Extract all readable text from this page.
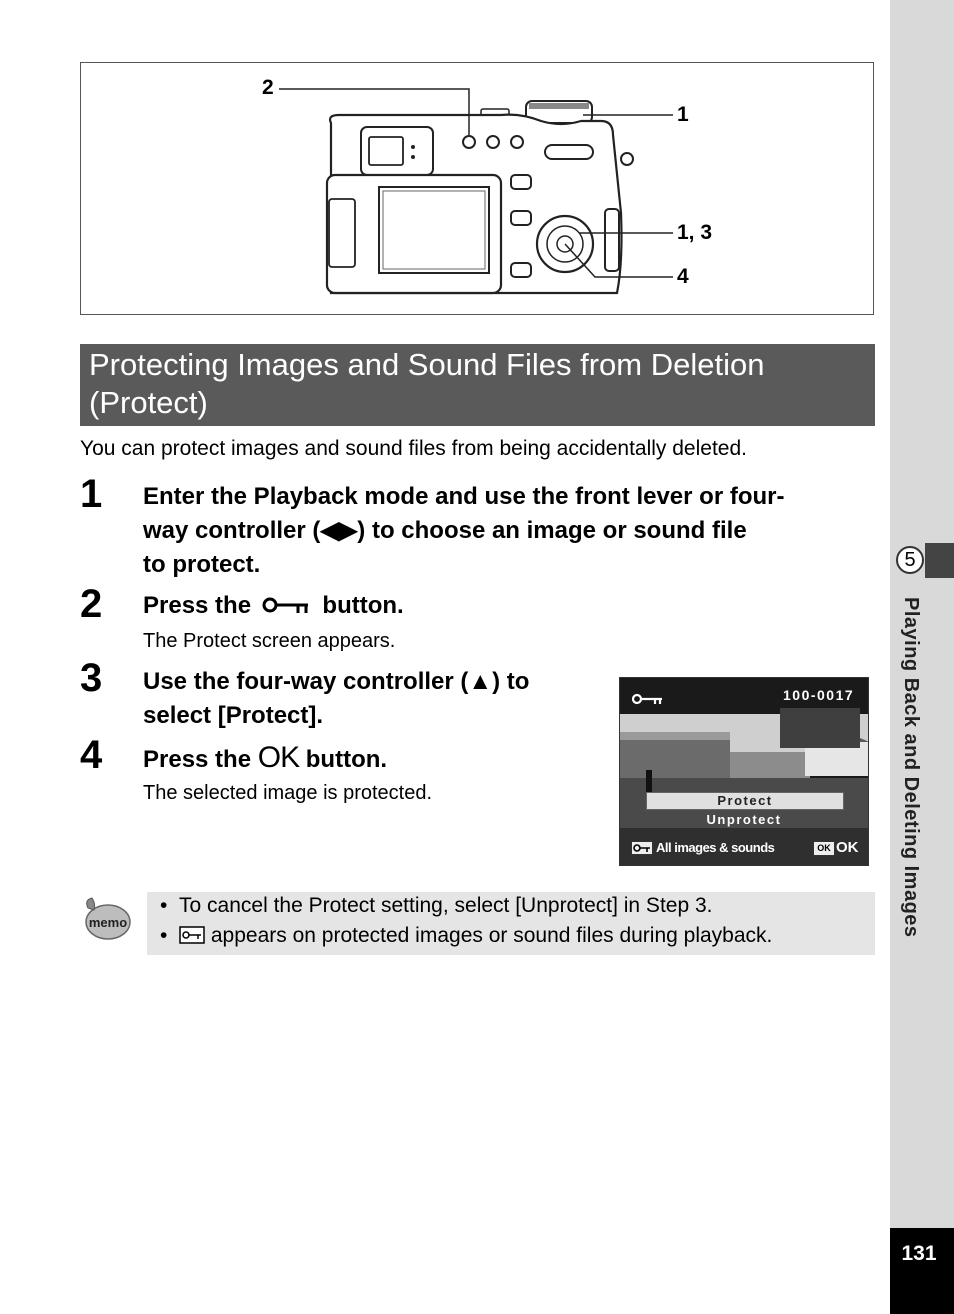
2
1
1, 3
4
Protecting Images and Sound Files from Deletion (Protect)
You can protect images and sound files from being accidentally deleted.
1 Enter the Playback mode and use the front lever or four-
way controller (◀▶) to choose an image or sound file
to protect.
2 Press the  button.
The Protect screen appears.
3 Use the four-way controller (▲) to
select [Protect].
4 Press the OK button.
The selected image is protected.
100-0017
Protect
Unprotect
All images & sounds	OK OK
memo
• To cancel the Protect setting, select [Unprotect] in Step 3.
• appears on protected images or sound files during playback.
5
Playing Back and Deleting Images
131
